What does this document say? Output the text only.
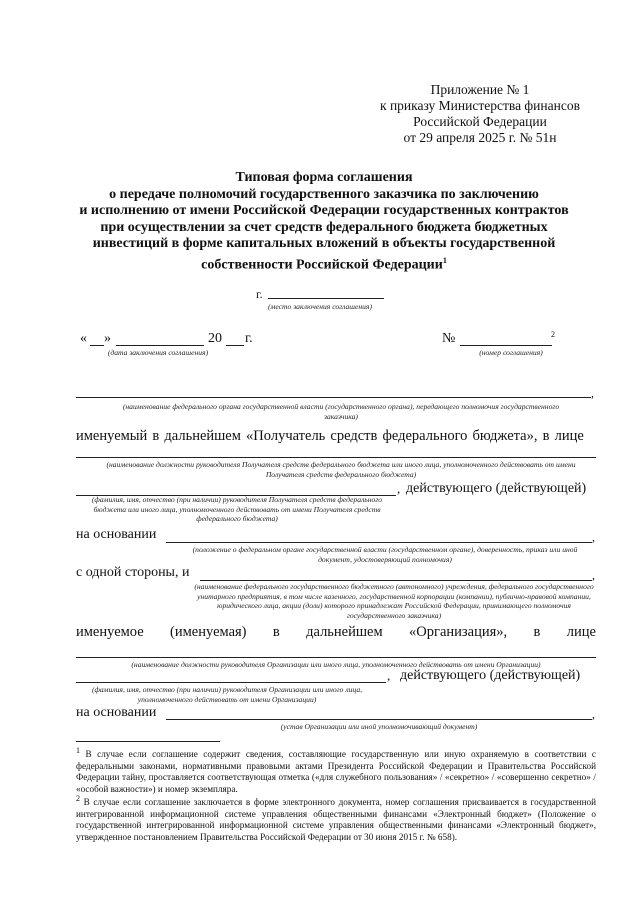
Приложение № 1
к приказу Министерства финансов
Российской Федерации
от 29 апреля 2025 г. № 51н
Типовая форма соглашения
о передаче полномочий государственного заказчика по заключению
и исполнению от имени Российской Федерации государственных контрактов
при осуществлении за счет средств федерального бюджета бюджетных
инвестиций в форме капитальных вложений в объекты государственной
собственности Российской Федерации$^1$
г.
(место заключения соглашения)
« »	20 г.
(дата заключения соглашения)
№	2
(номер соглашения)
,
(наименование федерального органа государственной власти (государственного органа), передающего полномочия государственного заказчика)
именуемый в дальнейшем «Получатель средств федерального бюджета», в лице
(наименование должности руководителя Получателя средств федерального бюджета или иного лица, уполномоченного действовать от имени Получателя средств федерального бюджета)
, действующего (действующей)
(фамилия, имя, отчество (при наличии) руководителя Получателя средств федерального бюджета или иного лица, уполномоченного действовать от имени Получателя средств федерального бюджета)
на основании	,
(положение о федеральном органе государственной власти (государственном органе), доверенность, приказ или иной документ, удостоверяющий полномочия)
с одной стороны, и	,
(наименование федерального государственного бюджетного (автономного) учреждения, федерального государственного унитарного предприятия, в том числе казенного, государственной корпорации (компании), публично-правовой компании, юридического лица, акции (доли) которого принадлежат Российской Федерации, принимающего полномочия государственного заказчика)
именуемое (именуемая) в дальнейшем «Организация», в лице
(наименование должности руководителя Организации или иного лица, уполномоченного действовать от имени Организации)
, действующего (действующей)
(фамилия, имя, отчество (при наличии) руководителя Организации или иного лица, уполномоченного действовать от имени Организации)
на основании	,
(устав Организации или иной уполномочивающий документ)
$^1$ В случае если соглашение содержит сведения, составляющие государственную или иную охраняемую в соответствии с федеральными законами, нормативными правовыми актами Президента Российской Федерации и Правительства Российской Федерации тайну, проставляется соответствующая отметка («для служебного пользования» / «секретно» / «совершенно секретно» / «особой важности») и номер экземпляра.
$^2$ В случае если соглашение заключается в форме электронного документа, номер соглашения присваивается в государственной интегрированной информационной системе управления общественными финансами «Электронный бюджет» (Положение о государственной интегрированной информационной системе управления общественными финансами «Электронный бюджет», утвержденное постановлением Правительства Российской Федерации от 30 июня 2015 г. № 658).
